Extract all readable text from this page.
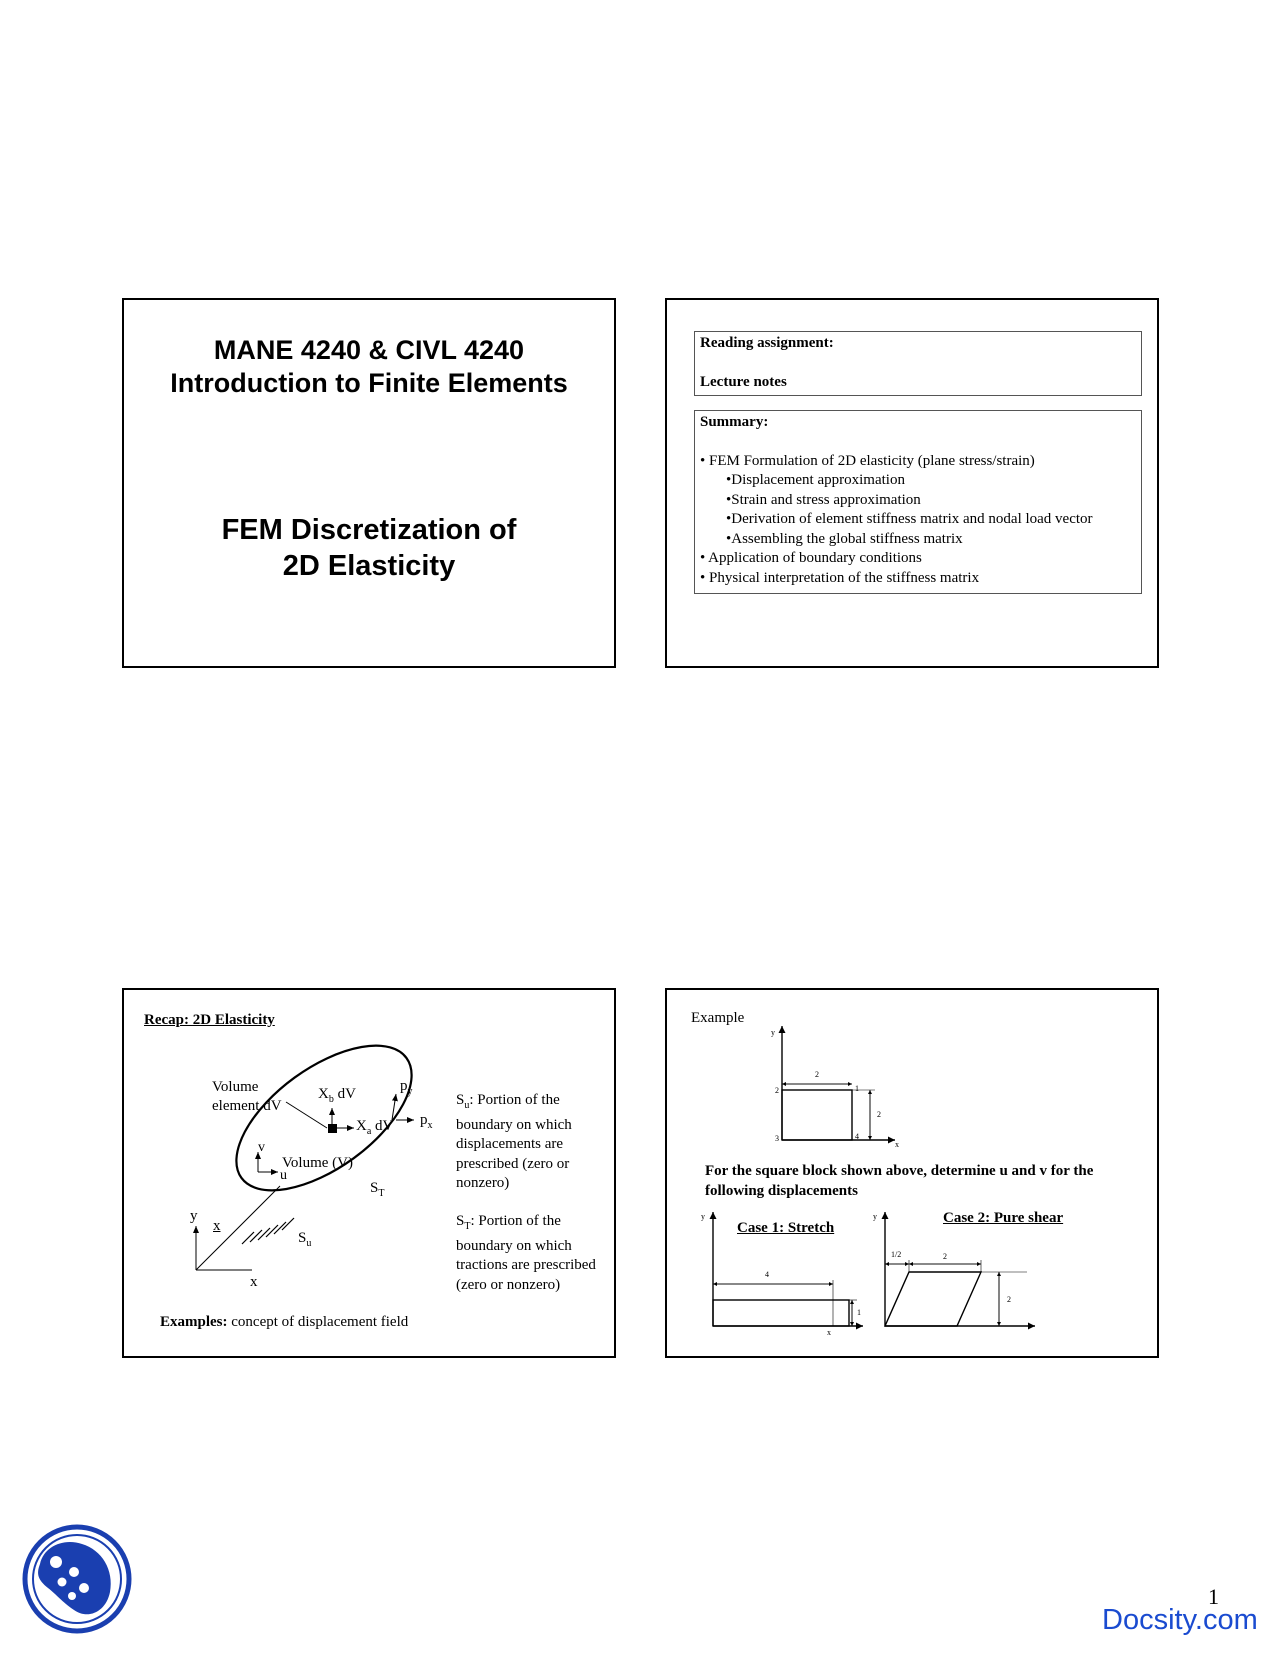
MANE 4240 & CIVL 4240
Introduction to Finite Elements
FEM Discretization of
2D Elasticity
Reading assignment:
Lecture notes
Summary:
• FEM Formulation of 2D elasticity (plane stress/strain)
•Displacement approximation
•Strain and stress approximation
•Derivation of element stiffness matrix and nodal load vector
•Assembling the global stiffness matrix
• Application of boundary conditions
• Physical interpretation of the stiffness matrix
Recap: 2D Elasticity
Volume
element dV
$X_b$ dV
$X_a$ dV
$p_y$
$p_x$
v
u
Volume (V)
$S_T$
$S_u$
y
x
x
$S_u$: Portion of the boundary on which displacements are prescribed (zero or nonzero)
$S_T$: Portion of the boundary on which tractions are prescribed (zero or nonzero)
Examples: concept of displacement field
Example
y
x
2
2
1
2
3	4
For the square block shown above, determine u and v for the following displacements
Case 1: Stretch
Case 2: Pure shear
y
x
4
1
y
1/2	2
2
1
Docsity.com
